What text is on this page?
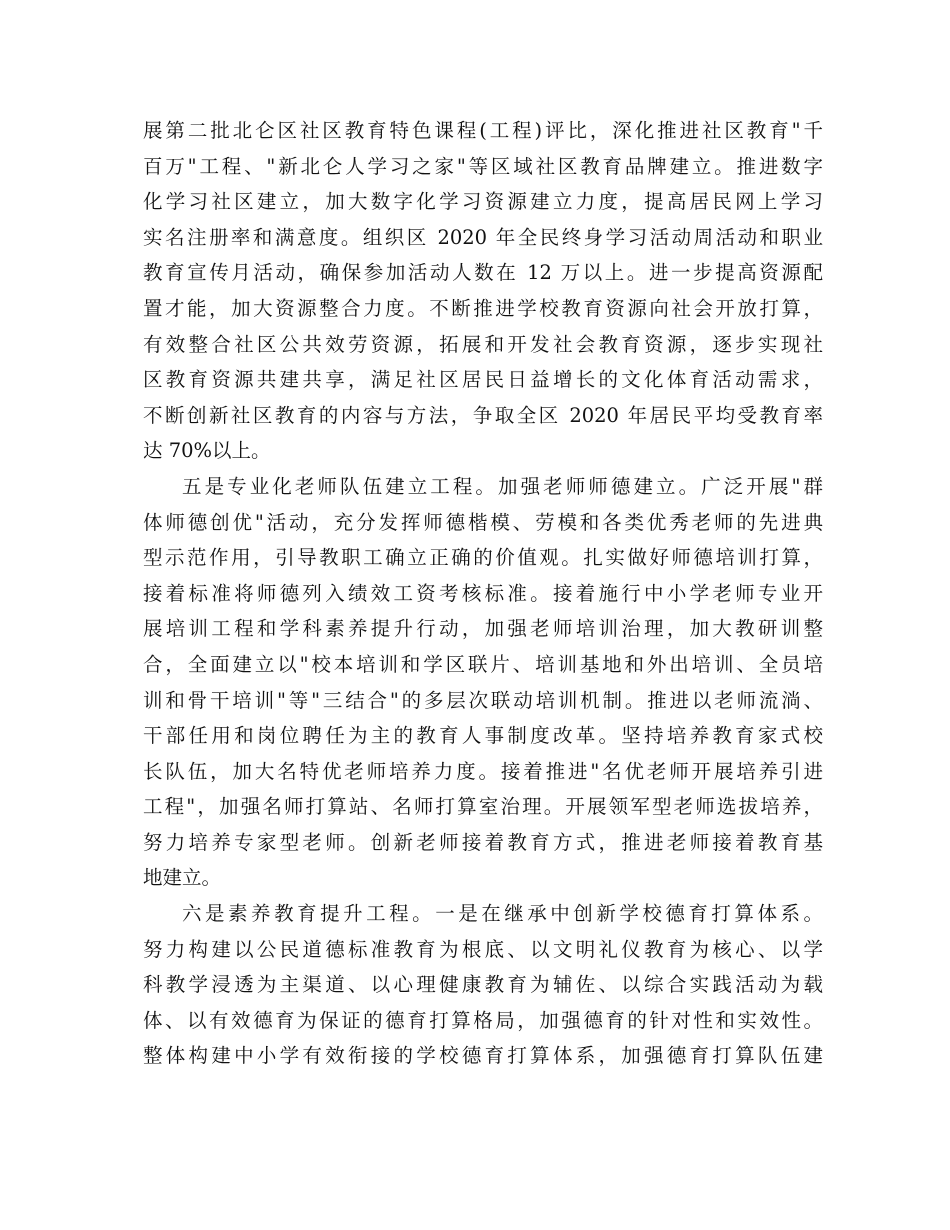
展第二批北仑区社区教育特色课程(工程)评比，深化推进社区教育"千
百万"工程、"新北仑人学习之家"等区域社区教育品牌建立。推进数字
化学习社区建立，加大数字化学习资源建立力度，提高居民网上学习
实名注册率和满意度。组织区 2020 年全民终身学习活动周活动和职业
教育宣传月活动，确保参加活动人数在 12 万以上。进一步提高资源配
置才能，加大资源整合力度。不断推进学校教育资源向社会开放打算，
有效整合社区公共效劳资源，拓展和开发社会教育资源，逐步实现社
区教育资源共建共享，满足社区居民日益增长的文化体育活动需求，
不断创新社区教育的内容与方法，争取全区 2020 年居民平均受教育率
达 70%以上。
五是专业化老师队伍建立工程。加强老师师德建立。广泛开展"群
体师德创优"活动，充分发挥师德楷模、劳模和各类优秀老师的先进典
型示范作用，引导教职工确立正确的价值观。扎实做好师德培训打算，
接着标准将师德列入绩效工资考核标准。接着施行中小学老师专业开
展培训工程和学科素养提升行动，加强老师培训治理，加大教研训整
合，全面建立以"校本培训和学区联片、培训基地和外出培训、全员培
训和骨干培训"等"三结合"的多层次联动培训机制。推进以老师流淌、
干部任用和岗位聘任为主的教育人事制度改革。坚持培养教育家式校
长队伍，加大名特优老师培养力度。接着推进"名优老师开展培养引进
工程"，加强名师打算站、名师打算室治理。开展领军型老师选拔培养，
努力培养专家型老师。创新老师接着教育方式，推进老师接着教育基
地建立。
六是素养教育提升工程。一是在继承中创新学校德育打算体系。
努力构建以公民道德标准教育为根底、以文明礼仪教育为核心、以学
科教学浸透为主渠道、以心理健康教育为辅佐、以综合实践活动为载
体、以有效德育为保证的德育打算格局，加强德育的针对性和实效性。
整体构建中小学有效衔接的学校德育打算体系，加强德育打算队伍建
